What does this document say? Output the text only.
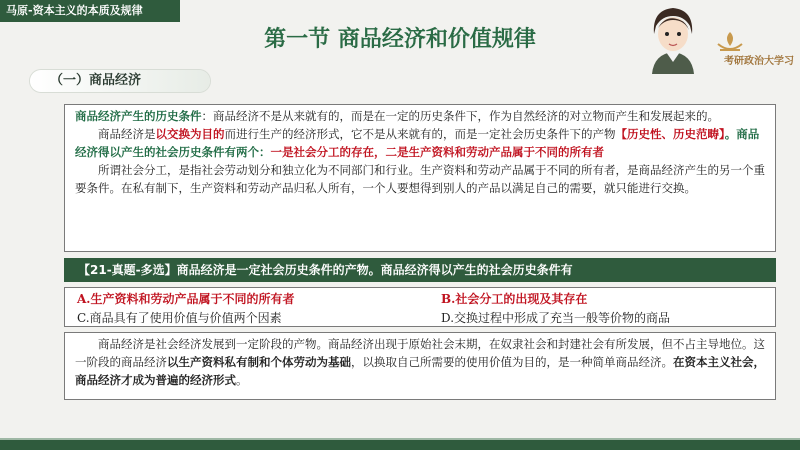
马原-资本主义的本质及规律
第一节 商品经济和价值规律
考研政治大学习
（一）商品经济

商品经济产生的历史条件：商品经济不是从来就有的，而是在一定的历史条件下，作为自然经济的对立物而产生和发展起来的。

商品经济是以交换为目的而进行生产的经济形式，它不是从来就有的，而是一定社会历史条件下的产物【历史性、历史范畴】。商品经济得以产生的社会历史条件有两个：一是社会分工的存在，二是生产资料和劳动产品属于不同的所有者

所谓社会分工，是指社会劳动划分和独立化为不同部门和行业。生产资料和劳动产品属于不同的所有者，是商品经济产生的另一个重要条件。在私有制下，生产资料和劳动产品归私人所有，一个人要想得到别人的产品以满足自己的需要，就只能进行交换。

【21-真题-多选】商品经济是一定社会历史条件的产物。商品经济得以产生的社会历史条件有
A.生产资料和劳动产品属于不同的所有者	B.社会分工的出现及其存在
C.商品具有了使用价值与价值两个因素	D.交换过程中形成了充当一般等价物的商品
商品经济是社会经济发展到一定阶段的产物。商品经济出现于原始社会末期，在奴隶社会和封建社会有所发展，但不占主导地位。这一阶段的商品经济以生产资料私有制和个体劳动为基础，以换取自己所需要的使用价值为目的，是一种简单商品经济。在资本主义社会，商品经济才成为普遍的经济形式。
